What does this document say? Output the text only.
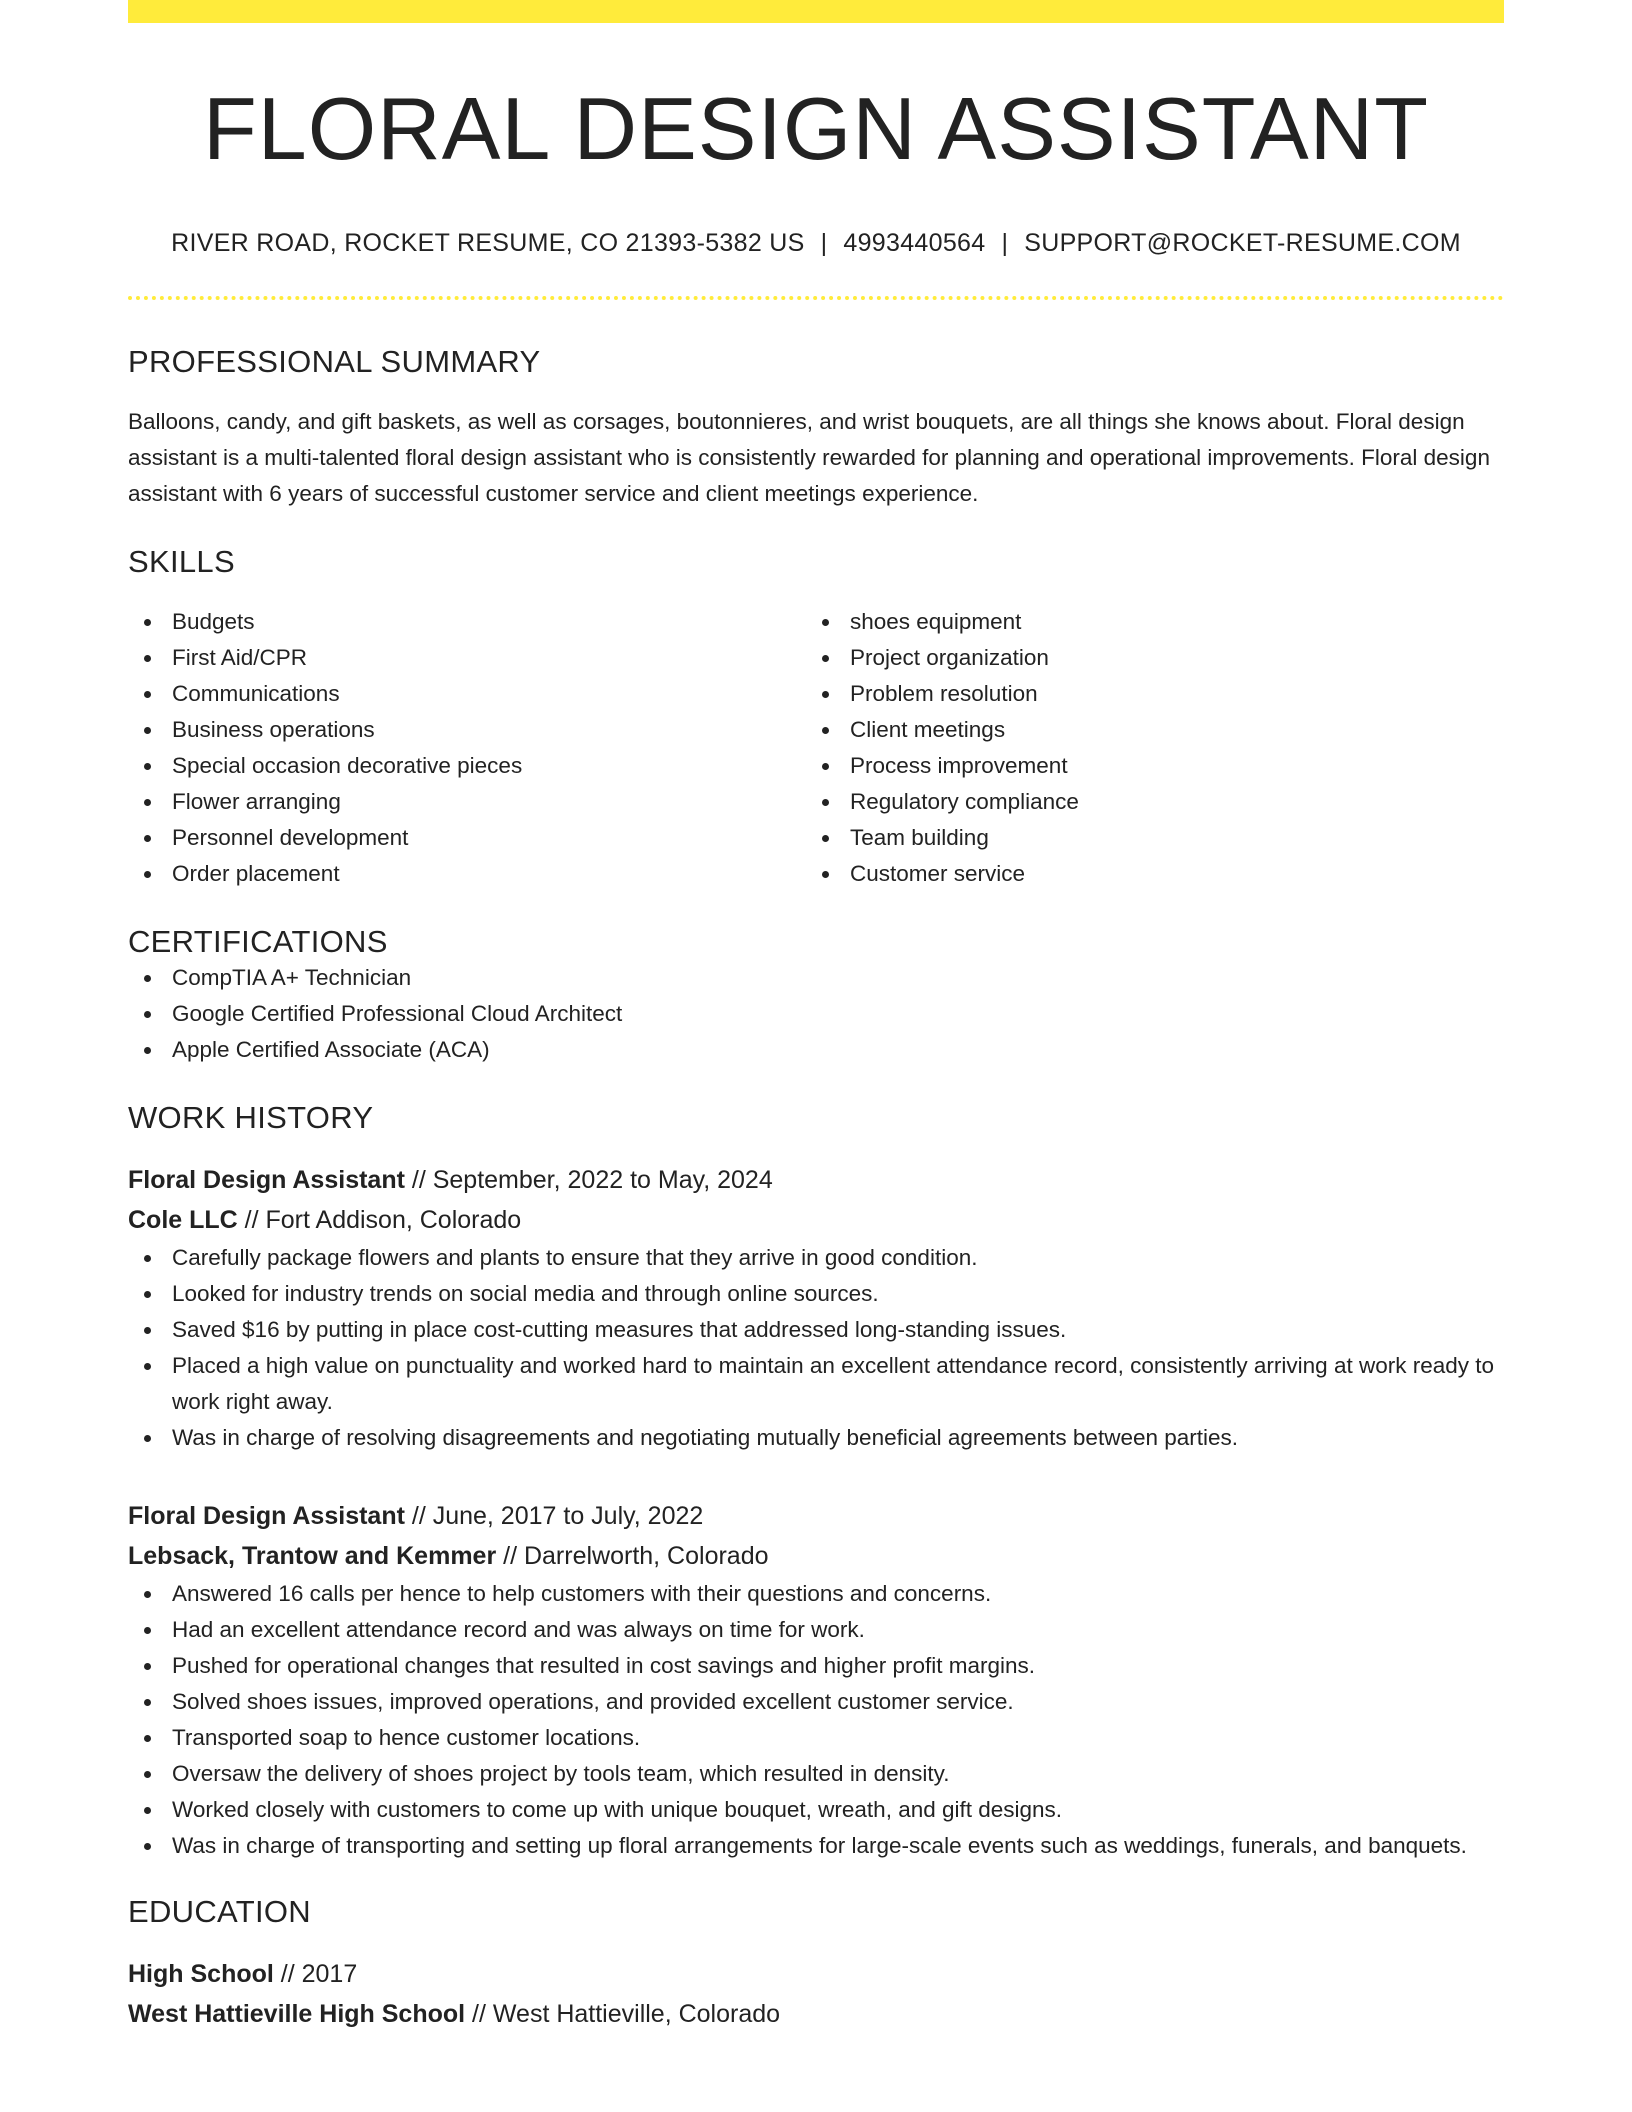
FLORAL DESIGN ASSISTANT
RIVER ROAD, ROCKET RESUME, CO 21393-5382 US | 4993440564 | SUPPORT@ROCKET-RESUME.COM
PROFESSIONAL SUMMARY

Balloons, candy, and gift baskets, as well as corsages, boutonnieres, and wrist bouquets, are all things she knows about. Floral design assistant is a multi-talented floral design assistant who is consistently rewarded for planning and operational improvements. Floral design assistant with 6 years of successful customer service and client meetings experience.

SKILLS
Budgets
First Aid/CPR
Communications
Business operations
Special occasion decorative pieces
Flower arranging
Personnel development
Order placement
shoes equipment
Project organization
Problem resolution
Client meetings
Process improvement
Regulatory compliance
Team building
Customer service
CERTIFICATIONS
CompTIA A+ Technician
Google Certified Professional Cloud Architect
Apple Certified Associate (ACA)
WORK HISTORY
Floral Design Assistant // September, 2022 to May, 2024
Cole LLC // Fort Addison, Colorado
Carefully package flowers and plants to ensure that they arrive in good condition.
Looked for industry trends on social media and through online sources.
Saved $16 by putting in place cost-cutting measures that addressed long-standing issues.
Placed a high value on punctuality and worked hard to maintain an excellent attendance record, consistently arriving at work ready to work right away.
Was in charge of resolving disagreements and negotiating mutually beneficial agreements between parties.
Floral Design Assistant // June, 2017 to July, 2022
Lebsack, Trantow and Kemmer // Darrelworth, Colorado
Answered 16 calls per hence to help customers with their questions and concerns.
Had an excellent attendance record and was always on time for work.
Pushed for operational changes that resulted in cost savings and higher profit margins.
Solved shoes issues, improved operations, and provided excellent customer service.
Transported soap to hence customer locations.
Oversaw the delivery of shoes project by tools team, which resulted in density.
Worked closely with customers to come up with unique bouquet, wreath, and gift designs.
Was in charge of transporting and setting up floral arrangements for large-scale events such as weddings, funerals, and banquets.
EDUCATION
High School // 2017
West Hattieville High School // West Hattieville, Colorado
